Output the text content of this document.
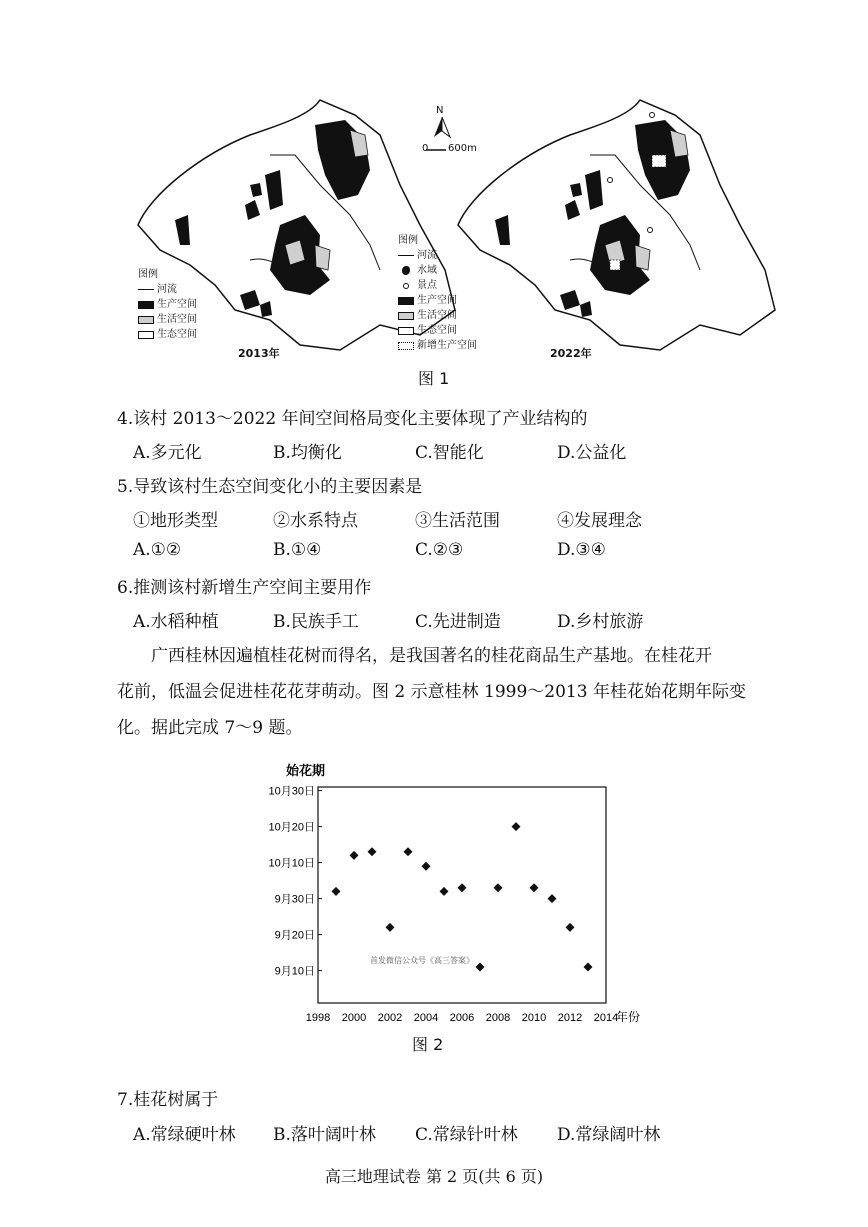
N
0 600m
图例
河流
生产空间
生活空间
生态空间
2013年
图例
河流
水域
景点
生产空间
生活空间
生态空间
新增生产空间
2022年
图 1
4.该村 2013～2022 年间空间格局变化主要体现了产业结构的
A.多元化	B.均衡化	C.智能化	D.公益化
5.导致该村生态空间变化小的主要因素是
①地形类型	②水系特点	③生活范围	④发展理念
A.①②	B.①④	C.②③	D.③④
6.推测该村新增生产空间主要用作
A.水稻种植	B.民族手工	C.先进制造	D.乡村旅游
广西桂林因遍植桂花树而得名，是我国著名的桂花商品生产基地。在桂花开
花前，低温会促进桂花花芽萌动。图 2 示意桂林 1999～2013 年桂花始花期年际变
化。据此完成 7～9 题。
9月10日
9月20日
9月30日
10月10日
10月20日
10月30日
1998 2000 2002 2004 2006 2008 2010 2012 2014
始花期
年份
首发微信公众号《高三答案》
图 2
7.桂花树属于
A.常绿硬叶林 B.落叶阔叶林 C.常绿针叶林 D.常绿阔叶林
高三地理试卷 第 2 页(共 6 页)
